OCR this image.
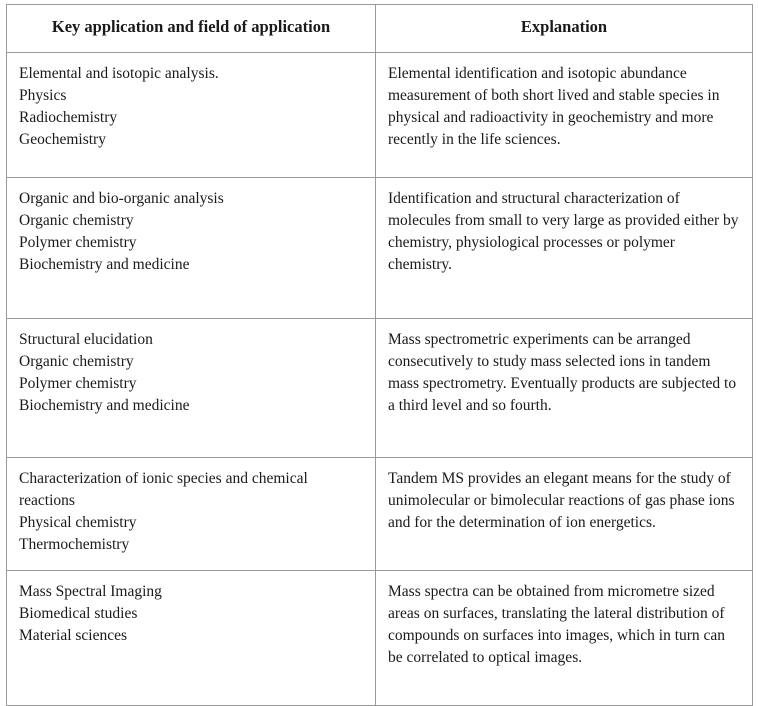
Key application and field of application	Explanation

Elemental and isotopic analysis.
Physics
Radiochemistry
Geochemistry	Elemental identification and isotopic abundance measurement of both short lived and stable species in physical and radioactivity in geochemistry and more recently in the life sciences.

Organic and bio-organic analysis
Organic chemistry
Polymer chemistry
Biochemistry and medicine	Identification and structural characterization of molecules from small to very large as provided either by chemistry, physiological processes or polymer chemistry.

Structural elucidation
Organic chemistry
Polymer chemistry
Biochemistry and medicine	Mass spectrometric experiments can be arranged consecutively to study mass selected ions in tandem mass spectrometry. Eventually products are subjected to a third level and so fourth.

Characterization of ionic species and chemical reactions
Physical chemistry
Thermochemistry	Tandem MS provides an elegant means for the study of unimolecular or bimolecular reactions of gas phase ions and for the determination of ion energetics.

Mass Spectral Imaging
Biomedical studies
Material sciences	Mass spectra can be obtained from micrometre sized areas on surfaces, translating the lateral distribution of compounds on surfaces into images, which in turn can be correlated to optical images.
